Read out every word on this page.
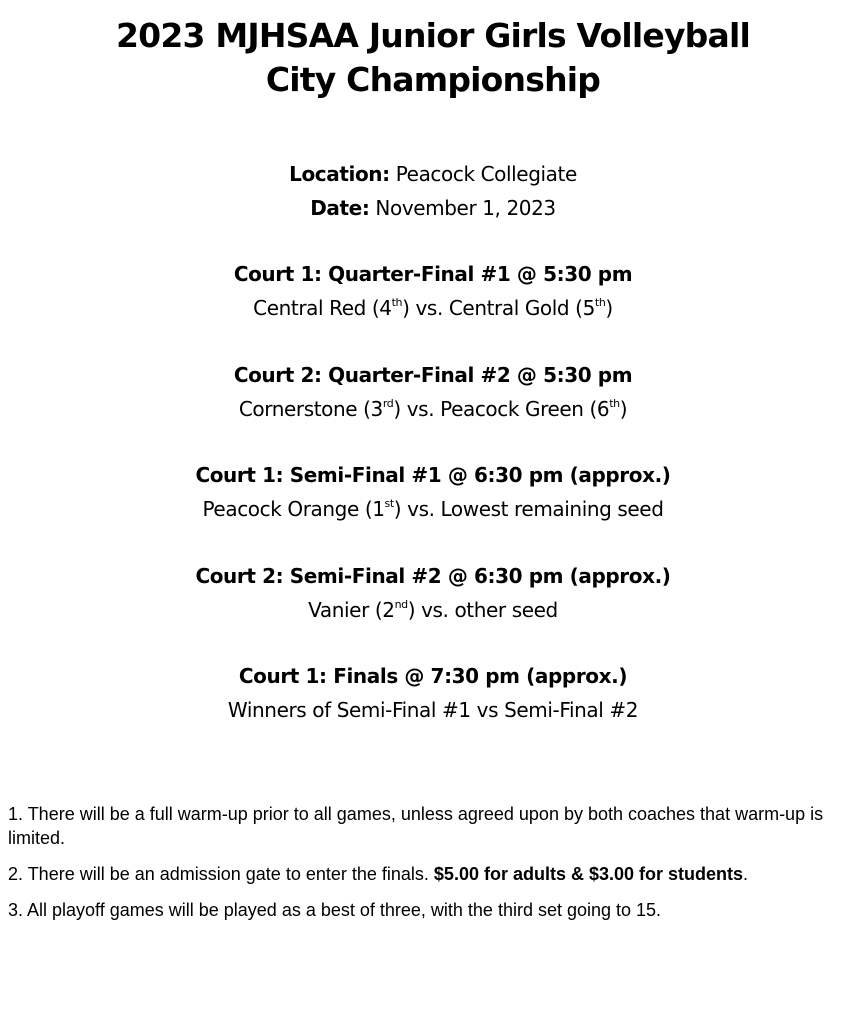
2023 MJHSAA Junior Girls Volleyball
City Championship
Location: Peacock Collegiate
Date: November 1, 2023
Court 1: Quarter-Final #1 @ 5:30 pm
Central Red (4th) vs. Central Gold (5th)
Court 2: Quarter-Final #2 @ 5:30 pm
Cornerstone (3rd) vs. Peacock Green (6th)
Court 1: Semi-Final #1 @ 6:30 pm (approx.)
Peacock Orange (1st) vs. Lowest remaining seed
Court 2: Semi-Final #2 @ 6:30 pm (approx.)
Vanier (2nd) vs. other seed
Court 1: Finals @ 7:30 pm (approx.)
Winners of Semi-Final #1 vs Semi-Final #2

1. There will be a full warm-up prior to all games, unless agreed upon by both coaches that warm-up is limited.

2. There will be an admission gate to enter the finals. $5.00 for adults & $3.00 for students.

3. All playoff games will be played as a best of three, with the third set going to 15.
